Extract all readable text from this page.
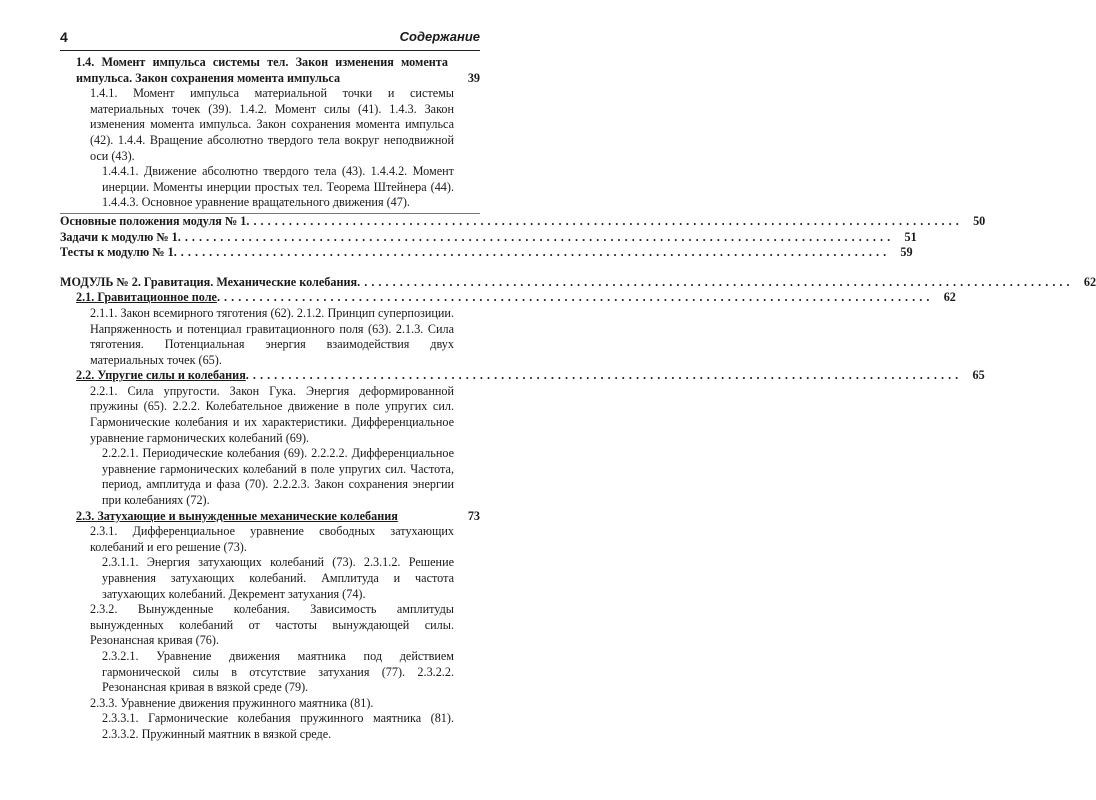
4	Содержание
1.4. Момент импульса системы тел. Закон изменения момента импульса. Закон сохранения момента импульса	39
1.4.1. Момент импульса материальной точки и системы материальных точек (39). 1.4.2. Момент силы (41). 1.4.3. Закон изменения момента импульса. Закон сохранения момента импульса (42). 1.4.4. Вращение абсолютно твердого тела вокруг неподвижной оси (43).
1.4.4.1. Движение абсолютно твердого тела (43). 1.4.4.2. Момент инерции. Моменты инерции простых тел. Теорема Штейнера (44). 1.4.4.3. Основное уравнение вращательного движения (47).
Основные положения модуля № 1 . . .	50
Задачи к модулю № 1 . . .	51
Тесты к модулю № 1 . . .	59
МОДУЛЬ № 2. Гравитация. Механические колебания . . .	62
2.1. Гравитационное поле . . .	62
2.1.1. Закон всемирного тяготения (62). 2.1.2. Принцип суперпозиции. Напряженность и потенциал гравитационного поля (63). 2.1.3. Сила тяготения. Потенциальная энергия взаимодействия двух материальных точек (65).
2.2. Упругие силы и колебания . . .	65
2.2.1. Сила упругости. Закон Гука. Энергия деформированной пружины (65). 2.2.2. Колебательное движение в поле упругих сил. Гармонические колебания и их характеристики. Дифференциальное уравнение гармонических колебаний (69).
2.2.2.1. Периодические колебания (69). 2.2.2.2. Дифференциальное уравнение гармонических колебаний в поле упругих сил. Частота, период, амплитуда и фаза (70). 2.2.2.3. Закон сохранения энергии при колебаниях (72).
2.3. Затухающие и вынужденные механические колебания	73
2.3.1. Дифференциальное уравнение свободных затухающих колебаний и его решение (73).
2.3.1.1. Энергия затухающих колебаний (73). 2.3.1.2. Решение уравнения затухающих колебаний. Амплитуда и частота затухающих колебаний. Декремент затухания (74).
2.3.2. Вынужденные колебания. Зависимость амплитуды вынужденных колебаний от частоты вынуждающей силы. Резонансная кривая (76).
2.3.2.1. Уравнение движения маятника под действием гармонической силы в отсутствие затухания (77). 2.3.2.2. Резонансная кривая в вязкой среде (79).
2.3.3. Уравнение движения пружинного маятника (81).
2.3.3.1. Гармонические колебания пружинного маятника (81). 2.3.3.2. Пружинный маятник в вязкой среде.
